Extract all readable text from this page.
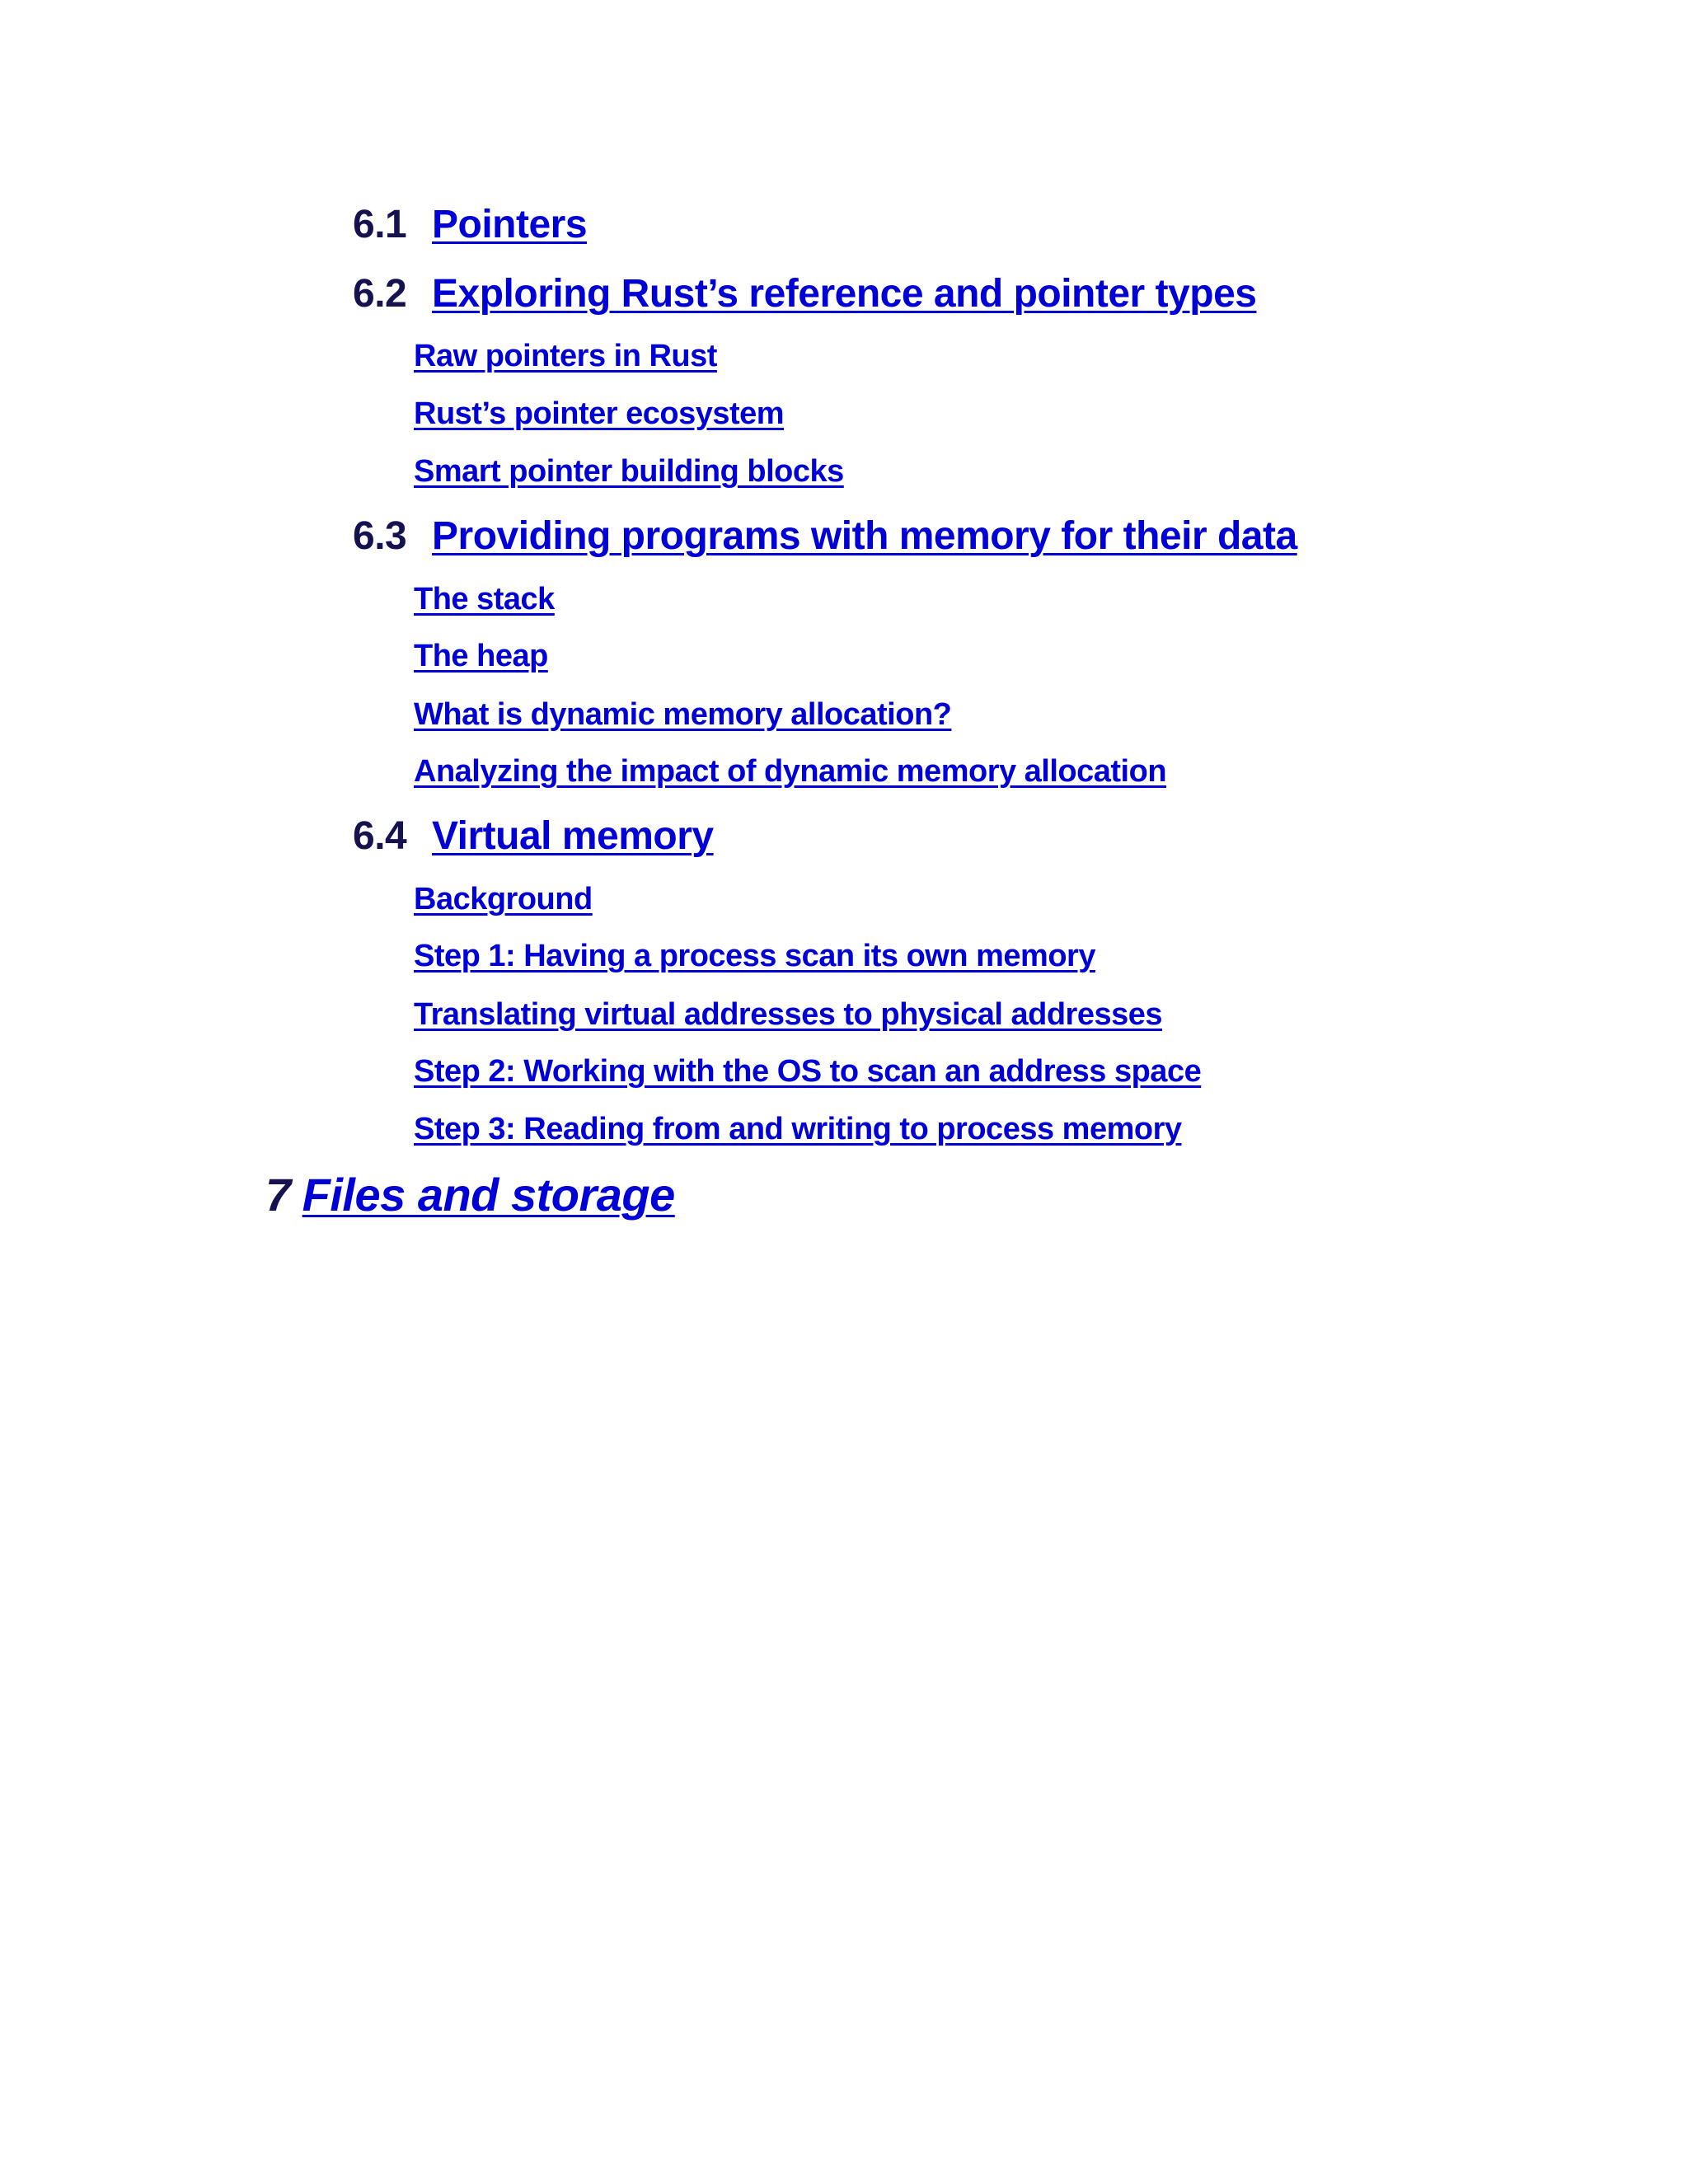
6.1 Pointers
6.2 Exploring Rust’s reference and pointer types
Raw pointers in Rust
Rust’s pointer ecosystem
Smart pointer building blocks
6.3 Providing programs with memory for their data
The stack
The heap
What is dynamic memory allocation?
Analyzing the impact of dynamic memory allocation
6.4 Virtual memory
Background
Step 1: Having a process scan its own memory
Translating virtual addresses to physical addresses
Step 2: Working with the OS to scan an address space
Step 3: Reading from and writing to process memory
7 Files and storage
